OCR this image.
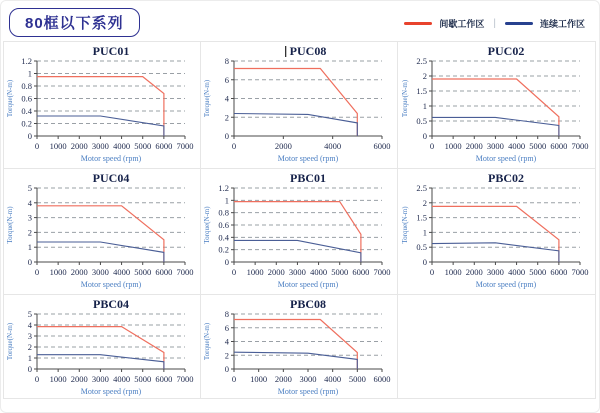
80框以下系列	间歇工作区 |	连续工作区
PUC01
0
0.2
0.4
0.6
0.8
1
1.2
0 1000 2000 3000 4000 5000 6000 7000
Torque(N-m)
Motor speed (rpm)
PUC08
0
2
4
6
8
0	2000	4000	6000
Torque(N-m)
Motor speed (rpm)
PUC02
0
0.5
1
1.5
2
2.5
0 1000 2000 3000 4000 5000 6000 7000
Torque(N-m)
Motor speed (rpm)
PUC04
0
1
2
3
4
5
0 1000 2000 3000 4000 5000 6000 7000
Torque(N-m)
Motor speed (rpm)
PBC01
0
0.2
0.4
0.6
0.8
1
1.2
0 1000 2000 3000 4000 5000 6000 7000
Torque(N-m)
Motor speed (rpm)
PBC02
0
0.5
1
1.5
2
2.5
0 1000 2000 3000 4000 5000 6000 7000
Torque(N-m)
Motor speed (rpm)
PBC04
0
1
2
3
4
5
0 1000 2000 3000 4000 5000 6000 7000
Torque(N-m)
Motor speed (rpm)
PBC08
0
2
4
6
8
0 1000 2000 3000 4000 5000 6000
Torque(N-m)
Motor speed (rpm)
